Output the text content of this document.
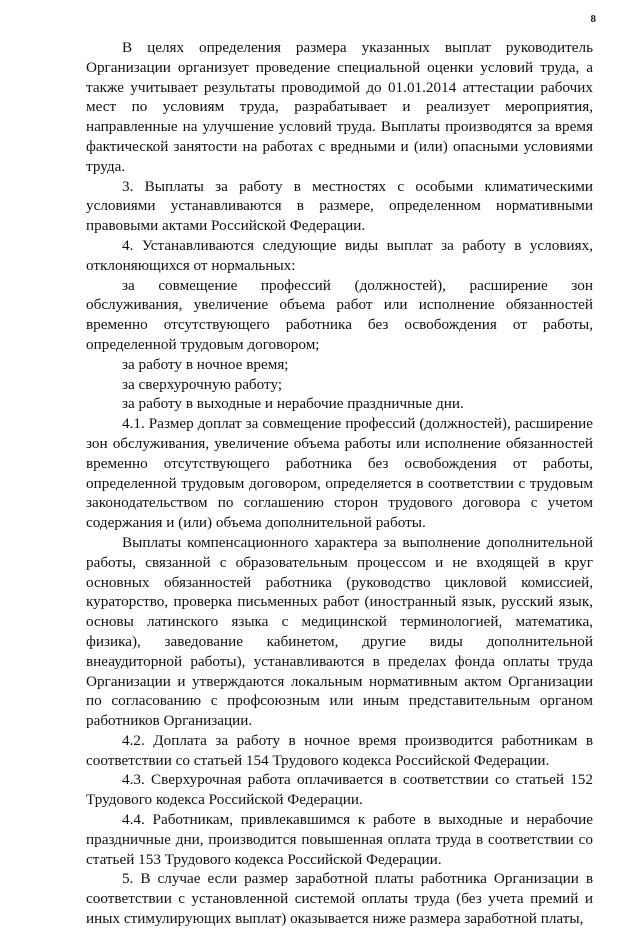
8

В целях определения размера указанных выплат руководитель Организации организует проведение специальной оценки условий труда, а также учитывает результаты проводимой до 01.01.2014 аттестации рабочих мест по условиям труда, разрабатывает и реализует мероприятия, направленные на улучшение условий труда. Выплаты производятся за время фактической занятости на работах с вредными и (или) опасными условиями труда.

3. Выплаты за работу в местностях с особыми климатическими условиями устанавливаются в размере, определенном нормативными правовыми актами Российской Федерации.

4. Устанавливаются следующие виды выплат за работу в условиях, отклоняющихся от нормальных:

за совмещение профессий (должностей), расширение зон обслуживания, увеличение объема работ или исполнение обязанностей временно отсутствующего работника без освобождения от работы, определенной трудовым договором;

за работу в ночное время;

за сверхурочную работу;

за работу в выходные и нерабочие праздничные дни.

4.1. Размер доплат за совмещение профессий (должностей), расширение зон обслуживания, увеличение объема работы или исполнение обязанностей временно отсутствующего работника без освобождения от работы, определенной трудовым договором, определяется в соответствии с трудовым законодательством по соглашению сторон трудового договора с учетом содержания и (или) объема дополнительной работы.

Выплаты компенсационного характера за выполнение дополнительной работы, связанной с образовательным процессом и не входящей в круг основных обязанностей работника (руководство цикловой комиссией, кураторство, проверка письменных работ (иностранный язык, русский язык, основы латинского языка с медицинской терминологией, математика, физика), заведование кабинетом, другие виды дополнительной внеаудиторной работы), устанавливаются в пределах фонда оплаты труда Организации и утверждаются локальным нормативным актом Организации по согласованию с профсоюзным или иным представительным органом работников Организации.

4.2. Доплата за работу в ночное время производится работникам в соответствии со статьей 154 Трудового кодекса Российской Федерации.

4.3. Сверхурочная работа оплачивается в соответствии со статьей 152 Трудового кодекса Российской Федерации.

4.4. Работникам, привлекавшимся к работе в выходные и нерабочие праздничные дни, производится повышенная оплата труда в соответствии со статьей 153 Трудового кодекса Российской Федерации.

5. В случае если размер заработной платы работника Организации в соответствии с установленной системой оплаты труда (без учета премий и иных стимулирующих выплат) оказывается ниже размера заработной платы,
